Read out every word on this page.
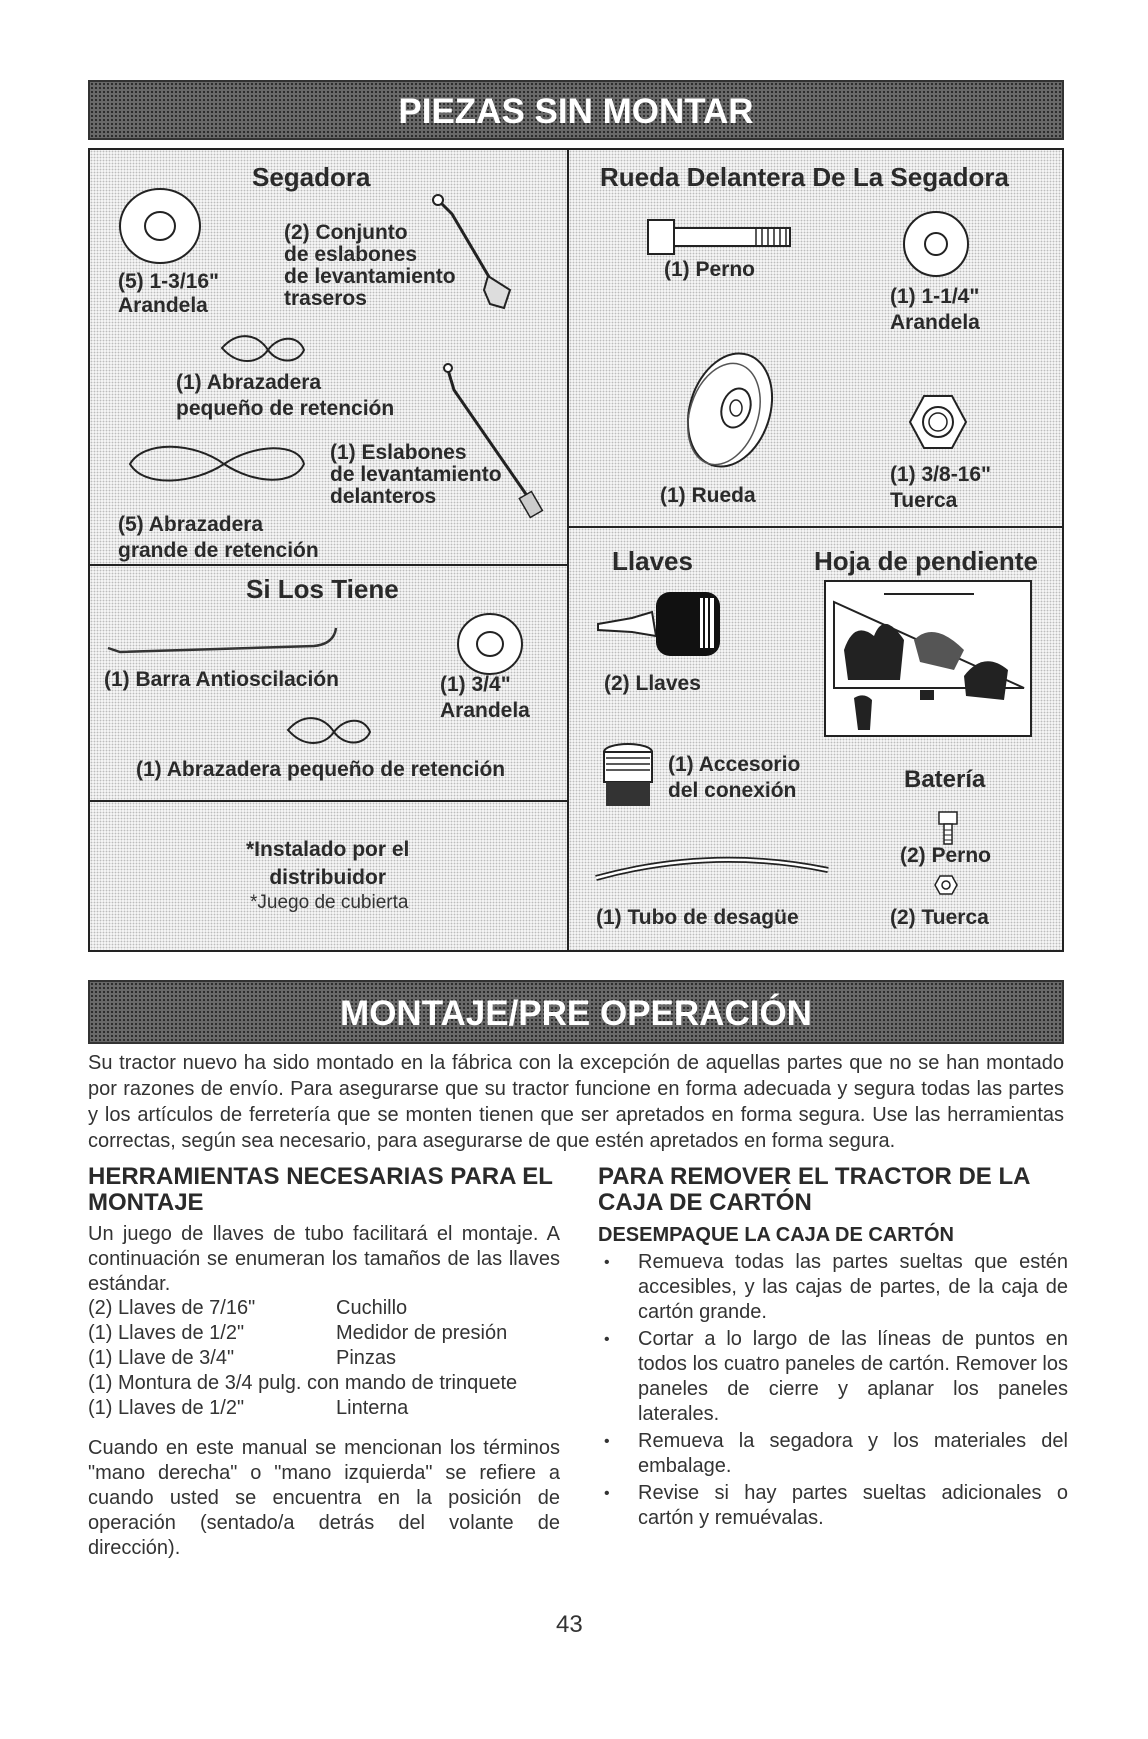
PIEZAS SIN MONTAR
Segadora
(5) 1-3/16"
Arandela
(2) Conjunto
de eslabones
de levantamiento
traseros
(1) Abrazadera
pequeño de retención
(1) Eslabones
de levantamiento
delanteros
(5) Abrazadera
grande de retención
Si Los Tiene
(1) Barra Antioscilación	(1) 3/4"
Arandela
(1) Abrazadera pequeño de retención
*Instalado por el
distribuidor
*Juego de cubierta
Rueda Delantera De La Segadora
(1) Perno
(1) 1-1/4"
Arandela
(1) Rueda
(1) 3/8-16"
Tuerca
Llaves	Hoja de pendiente
(2) Llaves
(1) Accesorio
del conexión	Batería
(2) Perno
(1) Tubo de desagüe	(2) Tuerca
MONTAJE/PRE OPERACIÓN
Su tractor nuevo ha sido montado en la fábrica con la excepción de aquellas partes que no se han montado por razones de envío. Para asegurarse que su tractor funcione en forma adecuada y segura todas las partes y los artículos de ferretería que se monten tienen que ser apretados en forma segura. Use las herramientas correctas, según sea necesario, para asegurarse de que estén apretados en forma segura.
HERRAMIENTAS NECESARIAS PARA EL MONTAJE
Un juego de llaves de tubo facilitará el montaje. A continuación se enumeran los tamaños de las llaves estándar.
(2) Llaves de 7/16"	Cuchillo
(1) Llaves de 1/2"	Medidor de presión
(1) Llave de 3/4"	Pinzas
(1) Montura de 3/4 pulg. con mando de trinquete	
(1) Llaves de 1/2"	Linterna
Cuando en este manual se mencionan los términos "mano derecha" o "mano izquierda" se refiere a cuando usted se encuentra en la posición de operación (sentado/a detrás del volante de dirección).
PARA REMOVER EL TRACTOR DE LA CAJA DE CARTÓN
DESEMPAQUE LA CAJA DE CARTÓN
• Remueva todas las partes sueltas que estén accesibles, y las cajas de partes, de la caja de cartón grande.
• Cortar a lo largo de las líneas de puntos en todos los cuatro paneles de cartón. Remover los paneles de cierre y aplanar los paneles laterales.
• Remueva la segadora y los materiales del embalage.
• Revise si hay partes sueltas adicionales o cartón y remuévalas.
43
